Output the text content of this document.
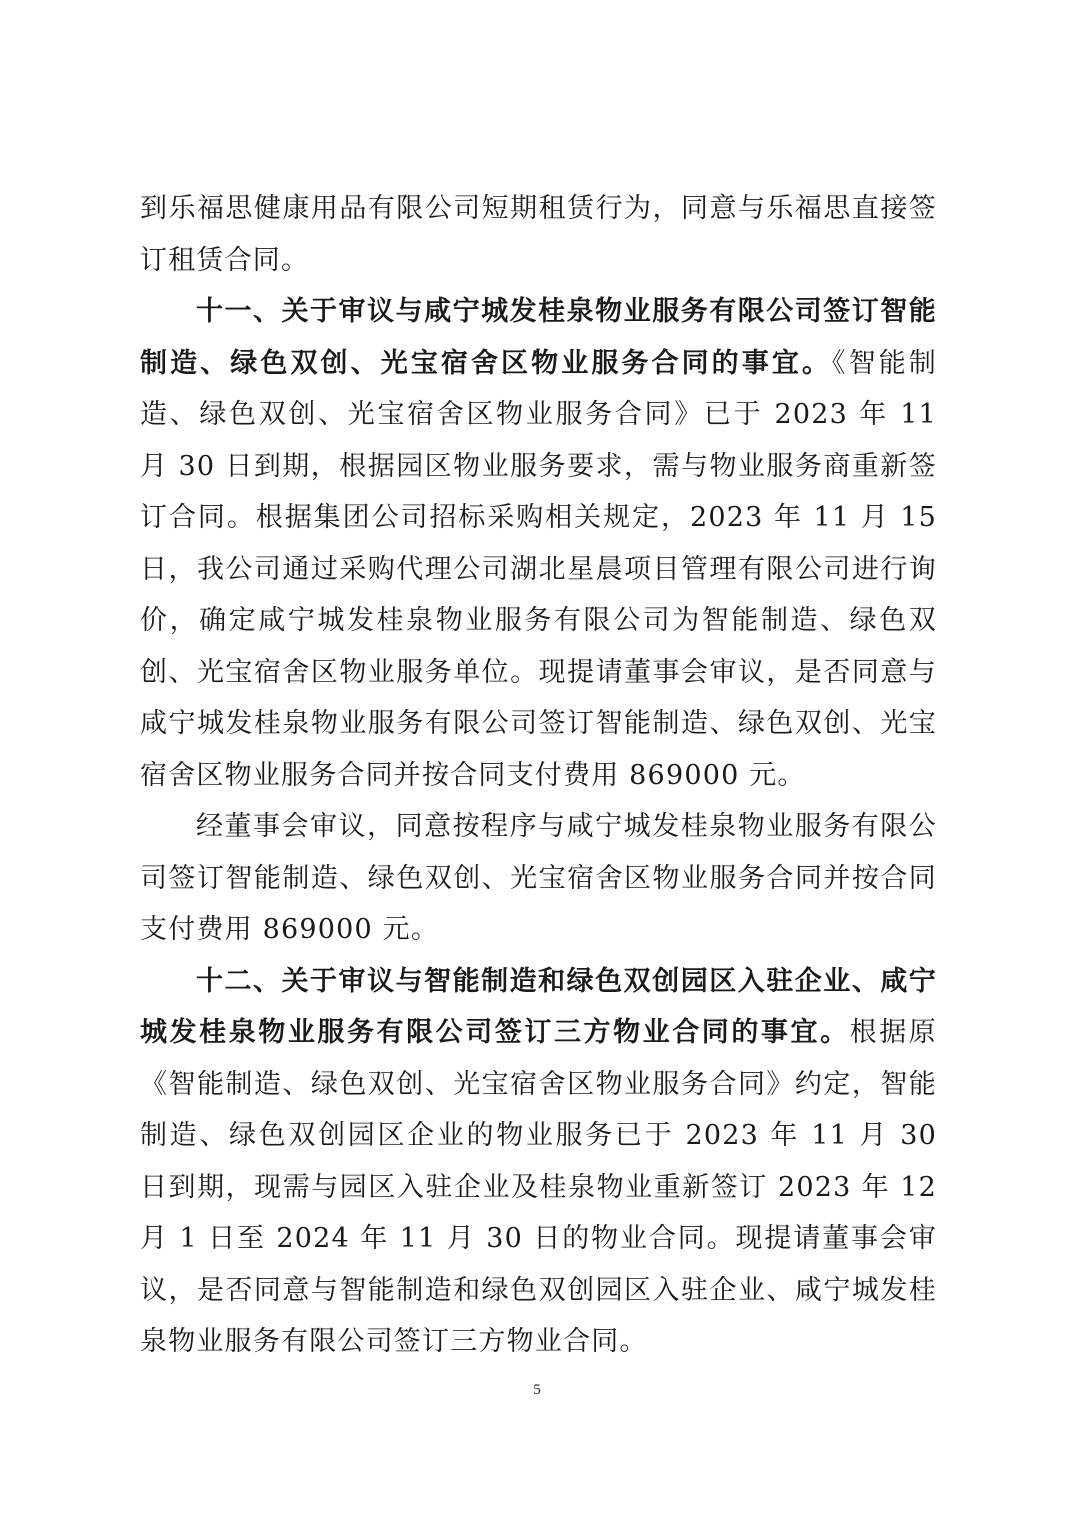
到乐福思健康用品有限公司短期租赁行为，同意与乐福思直接签订租赁合同。

十一、关于审议与咸宁城发桂泉物业服务有限公司签订智能制造、绿色双创、光宝宿舍区物业服务合同的事宜。《智能制造、绿色双创、光宝宿舍区物业服务合同》已于 2023 年 11 月 30 日到期，根据园区物业服务要求，需与物业服务商重新签订合同。根据集团公司招标采购相关规定，2023 年 11 月 15 日，我公司通过采购代理公司湖北星晨项目管理有限公司进行询价，确定咸宁城发桂泉物业服务有限公司为智能制造、绿色双创、光宝宿舍区物业服务单位。现提请董事会审议，是否同意与咸宁城发桂泉物业服务有限公司签订智能制造、绿色双创、光宝宿舍区物业服务合同并按合同支付费用 869000 元。

经董事会审议，同意按程序与咸宁城发桂泉物业服务有限公司签订智能制造、绿色双创、光宝宿舍区物业服务合同并按合同支付费用 869000 元。

十二、关于审议与智能制造和绿色双创园区入驻企业、咸宁城发桂泉物业服务有限公司签订三方物业合同的事宜。根据原《智能制造、绿色双创、光宝宿舍区物业服务合同》约定，智能制造、绿色双创园区企业的物业服务已于 2023 年 11 月 30 日到期，现需与园区入驻企业及桂泉物业重新签订 2023 年 12 月 1 日至 2024 年 11 月 30 日的物业合同。现提请董事会审议，是否同意与智能制造和绿色双创园区入驻企业、咸宁城发桂泉物业服务有限公司签订三方物业合同。

5
